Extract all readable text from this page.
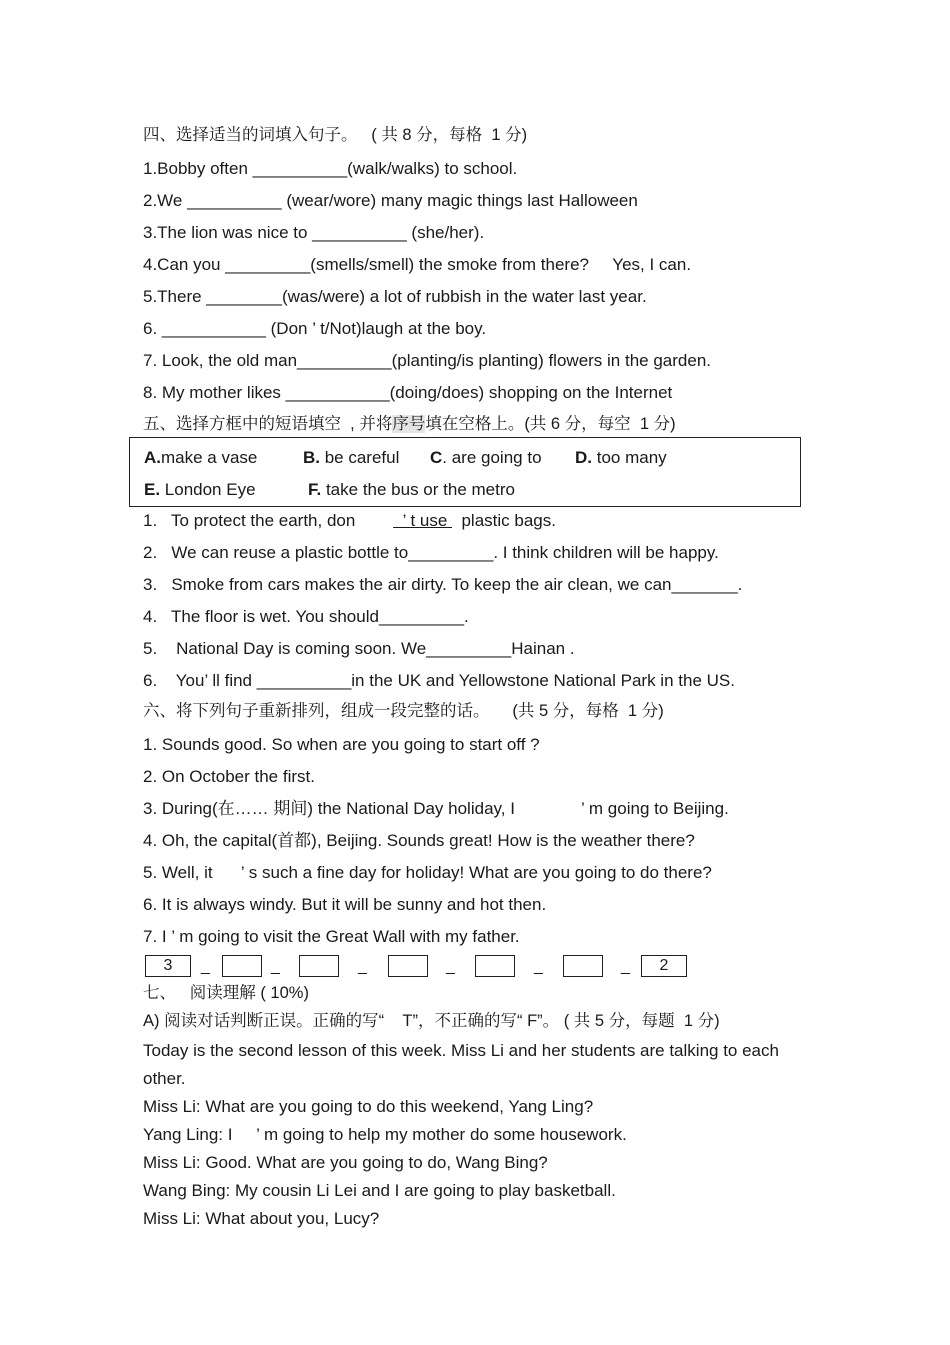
四、选择适当的词填入句子。   ( 共 8 分，每格  1 分)

1.Bobby often __________(walk/walks) to school.

2.We __________ (wear/wore) many magic things last Halloween

3.The lion was nice to __________ (she/her).

4.Can you _________(smells/smell) the smoke from there?     Yes, I can.

5.There ________(was/were) a lot of rubbish in the water last year.

6. ___________ (Don ’ t/Not)laugh at the boy.

7. Look, the old man__________(planting/is planting) flowers in the garden.

8. My mother likes ___________(doing/does) shopping on the Internet

五、选择方框中的短语填空  , 并将序号填在空格上。(共 6 分，每空  1 分)

A.make a vase	B. be careful C. are going to D. too many
E. London Eye	F. take the bus or the metro

1.   To protect the earth, don          ’ t use   plastic bags.

2.   We can reuse a plastic bottle to_________. I think children will be happy.

3.   Smoke from cars makes the air dirty. To keep the air clean, we can_______.

4.   The floor is wet. You should_________.

5.    National Day is coming soon. We_________Hainan .

6.    You’ ll find __________in the UK and Yellowstone National Park in the US.

六、将下列句子重新排列，组成一段完整的话。     (共 5 分，每格  1 分)

1. Sounds good. So when are you going to start off ?

2. On October the first.

3. During(在…… 期间) the National Day holiday, I              ’ m going to Beijing.

4. Oh, the capital(首都), Beijing. Sounds great! How is the weather there?

5. Well, it      ’ s such a fine day for holiday! What are you going to do there?

6. It is always windy. But it will be sunny and hot then.

7. I ’ m going to visit the Great Wall with my father.

3	_	_	_	_	_	_	2

七、   阅读理解 ( 10%)

A) 阅读对话判断正误。正确的写“    T”，不正确的写“ F”。 ( 共 5 分，每题  1 分)

Today is the second lesson of this week. Miss Li and her students are talking to each

other.

Miss Li: What are you going to do this weekend, Yang Ling?

Yang Ling: I     ’ m going to help my mother do some housework.

Miss Li: Good. What are you going to do, Wang Bing?

Wang Bing: My cousin Li Lei and I are going to play basketball.

Miss Li: What about you, Lucy?
